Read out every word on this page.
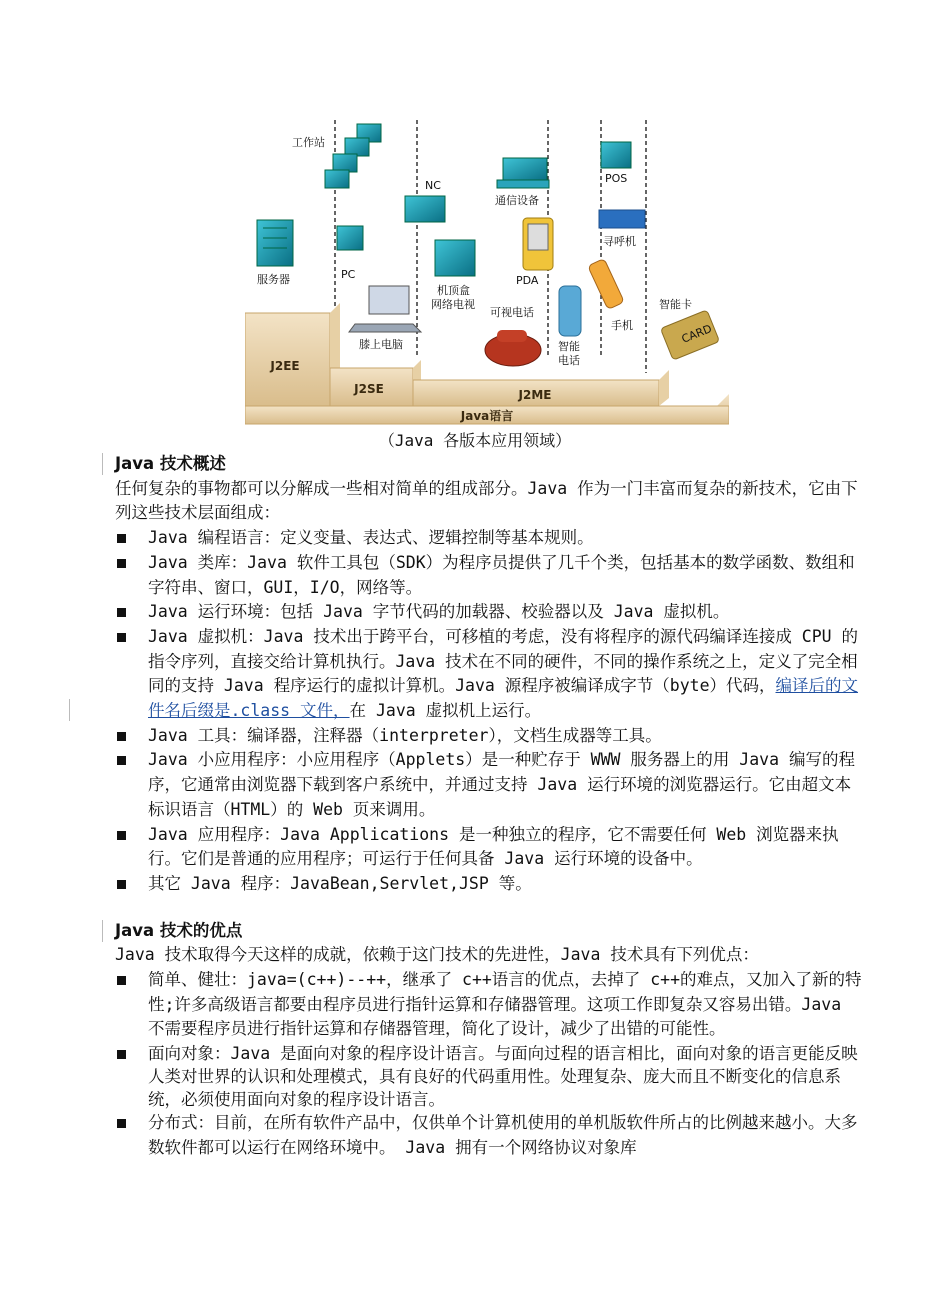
Java语言
J2EE
J2SE	J2ME
工作站
NC
通信设备
POS
寻呼机
服务器	PC
机顶盒
网络电视
PDA
可视电话
膝上电脑	智能
电话
手机
智能卡
CARD
（Java 各版本应用领域）

Java 技术概述

任何复杂的事物都可以分解成一些相对简单的组成部分。Java 作为一门丰富而复杂的新技术，它由下列这些技术层面组成：

Java 编程语言：定义变量、表达式、逻辑控制等基本规则。
Java 类库：Java 软件工具包（SDK）为程序员提供了几千个类，包括基本的数学函数、数组和字符串、窗口，GUI，I/O，网络等。
Java 运行环境：包括 Java 字节代码的加载器、校验器以及 Java 虚拟机。
Java 虚拟机：Java 技术出于跨平台，可移植的考虑，没有将程序的源代码编译连接成 CPU 的指令序列，直接交给计算机执行。Java 技术在不同的硬件，不同的操作系统之上，定义了完全相同的支持 Java 程序运行的虚拟计算机。Java 源程序被编译成字节（byte）代码，编译后的文件名后缀是.class 文件，在 Java 虚拟机上运行。
Java 工具：编译器，注释器（interpreter），文档生成器等工具。
Java 小应用程序：小应用程序（Applets）是一种贮存于 WWW 服务器上的用 Java 编写的程序，它通常由浏览器下载到客户系统中，并通过支持 Java 运行环境的浏览器运行。它由超文本标识语言（HTML）的 Web 页来调用。
Java 应用程序：Java Applications 是一种独立的程序，它不需要任何 Web 浏览器来执行。它们是普通的应用程序；可运行于任何具备 Java 运行环境的设备中。
其它 Java 程序：JavaBean,Servlet,JSP 等。

Java 技术的优点

Java 技术取得今天这样的成就，依赖于这门技术的先进性，Java 技术具有下列优点：

简单、健壮：java=(c++)--++，继承了 c++语言的优点，去掉了 c++的难点，又加入了新的特性;许多高级语言都要由程序员进行指针运算和存储器管理。这项工作即复杂又容易出错。Java 不需要程序员进行指针运算和存储器管理，简化了设计，减少了出错的可能性。
面向对象：Java 是面向对象的程序设计语言。与面向过程的语言相比，面向对象的语言更能反映人类对世界的认识和处理模式，具有良好的代码重用性。处理复杂、庞大而且不断变化的信息系统，必须使用面向对象的程序设计语言。
分布式：目前，在所有软件产品中，仅供单个计算机使用的单机版软件所占的比例越来越小。大多数软件都可以运行在网络环境中。 Java 拥有一个网络协议对象库
